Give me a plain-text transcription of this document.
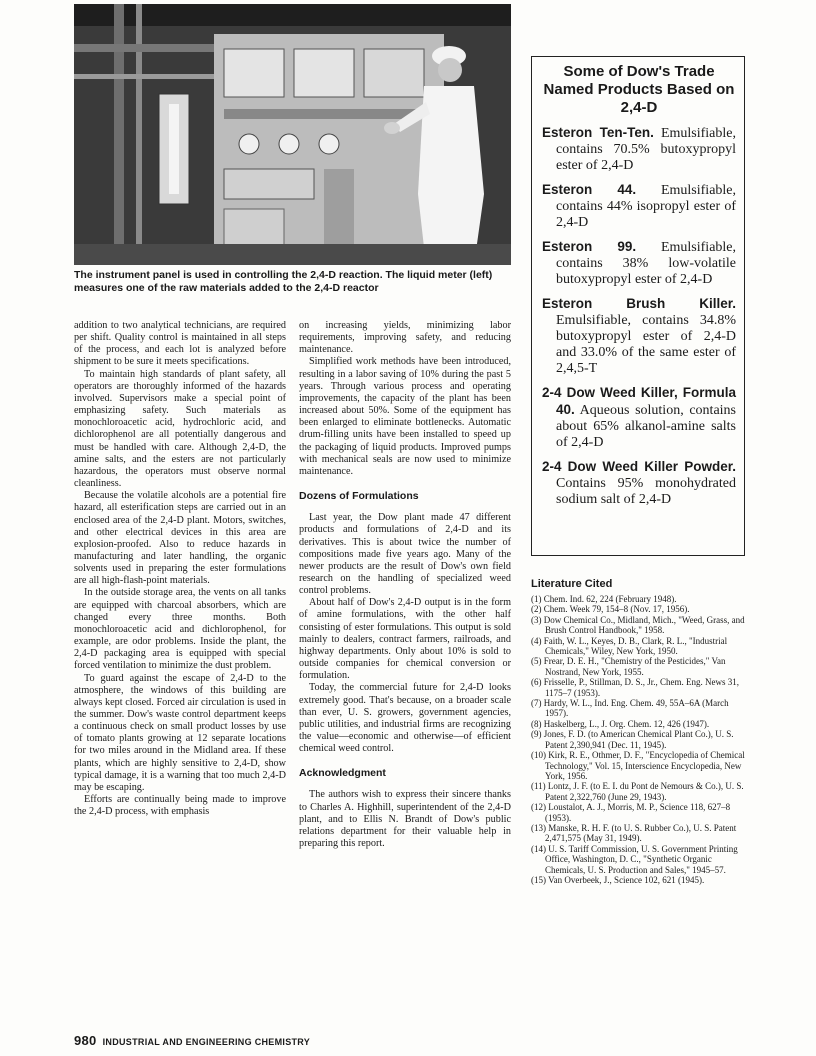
The instrument panel is used in controlling the 2,4-D reaction. The liquid meter (left) measures one of the raw materials added to the 2,4-D reactor

addition to two analytical technicians, are required per shift. Quality control is maintained in all steps of the process, and each lot is analyzed before shipment to be sure it meets specifications.

To maintain high standards of plant safety, all operators are thoroughly informed of the hazards involved. Supervisors make a special point of emphasizing safety. Such materials as monochloroacetic acid, hydrochloric acid, and dichlorophenol are all potentially dangerous and must be handled with care. Although 2,4-D, the amine salts, and the esters are not particularly hazardous, the operators must observe normal cleanliness.

Because the volatile alcohols are a potential fire hazard, all esterification steps are carried out in an enclosed area of the 2,4-D plant. Motors, switches, and other electrical devices in this area are explosion-proofed. Also to reduce hazards in manufacturing and later handling, the organic solvents used in preparing the ester formulations are all high-flash-point materials.

In the outside storage area, the vents on all tanks are equipped with charcoal absorbers, which are changed every three months. Both monochloroacetic acid and dichlorophenol, for example, are odor problems. Inside the plant, the 2,4-D packaging area is equipped with special forced ventilation to minimize the dust problem.

To guard against the escape of 2,4-D to the atmosphere, the windows of this building are always kept closed. Forced air circulation is used in the summer. Dow's waste control department keeps a continuous check on small product losses by use of tomato plants growing at 12 separate locations for two miles around in the Midland area. If these plants, which are highly sensitive to 2,4-D, show typical damage, it is a warning that too much 2,4-D may be escaping.

Efforts are continually being made to improve the 2,4-D process, with emphasis

on increasing yields, minimizing labor requirements, improving safety, and reducing maintenance.

Simplified work methods have been introduced, resulting in a labor saving of 10% during the past 5 years. Through various process and operating improvements, the capacity of the plant has been increased about 50%. Some of the equipment has been enlarged to eliminate bottlenecks. Automatic drum-filling units have been installed to speed up the packaging of liquid products. Improved pumps with mechanical seals are now used to minimize maintenance.

Dozens of Formulations

Last year, the Dow plant made 47 different products and formulations of 2,4-D and its derivatives. This is about twice the number of compositions made five years ago. Many of the newer products are the result of Dow's own field research on the handling of specialized weed control problems.

About half of Dow's 2,4-D output is in the form of amine formulations, with the other half consisting of ester formulations. This output is sold mainly to dealers, contract farmers, railroads, and highway departments. Only about 10% is sold to outside companies for chemical conversion or formulation.

Today, the commercial future for 2,4-D looks extremely good. That's because, on a broader scale than ever, U. S. growers, government agencies, public utilities, and industrial firms are recognizing the value—economic and otherwise—of efficient chemical weed control.

Acknowledgment

The authors wish to express their sincere thanks to Charles A. Highhill, superintendent of the 2,4-D plant, and to Ellis N. Brandt of Dow's public relations department for their valuable help in preparing this report.

Some of Dow's Trade Named Products Based on 2,4-D
Esteron Ten-Ten. Emulsifiable, contains 70.5% butoxypropyl ester of 2,4-D
Esteron 44. Emulsifiable, contains 44% isopropyl ester of 2,4-D
Esteron 99. Emulsifiable, contains 38% low-volatile butoxypropyl ester of 2,4-D
Esteron Brush Killer. Emulsifiable, contains 34.8% butoxypropyl ester of 2,4-D and 33.0% of the same ester of 2,4,5-T
2-4 Dow Weed Killer, Formula 40. Aqueous solution, contains about 65% alkanol-amine salts of 2,4-D
2-4 Dow Weed Killer Powder. Contains 95% monohydrated sodium salt of 2,4-D
Literature Cited
(1) Chem. Ind. 62, 224 (February 1948).
(2) Chem. Week 79, 154–8 (Nov. 17, 1956).
(3) Dow Chemical Co., Midland, Mich., "Weed, Grass, and Brush Control Handbook," 1958.
(4) Faith, W. L., Keyes, D. B., Clark, R. L., "Industrial Chemicals," Wiley, New York, 1950.
(5) Frear, D. E. H., "Chemistry of the Pesticides," Van Nostrand, New York, 1955.
(6) Frisselle, P., Stillman, D. S., Jr., Chem. Eng. News 31, 1175–7 (1953).
(7) Hardy, W. L., Ind. Eng. Chem. 49, 55A–6A (March 1957).
(8) Haskelberg, L., J. Org. Chem. 12, 426 (1947).
(9) Jones, F. D. (to American Chemical Plant Co.), U. S. Patent 2,390,941 (Dec. 11, 1945).
(10) Kirk, R. E., Othmer, D. F., "Encyclopedia of Chemical Technology," Vol. 15, Interscience Encyclopedia, New York, 1956.
(11) Lontz, J. F. (to E. I. du Pont de Nemours & Co.), U. S. Patent 2,322,760 (June 29, 1943).
(12) Loustalot, A. J., Morris, M. P., Science 118, 627–8 (1953).
(13) Manske, R. H. F. (to U. S. Rubber Co.), U. S. Patent 2,471,575 (May 31, 1949).
(14) U. S. Tariff Commission, U. S. Government Printing Office, Washington, D. C., "Synthetic Organic Chemicals, U. S. Production and Sales," 1945–57.
(15) Van Overbeek, J., Science 102, 621 (1945).
980 INDUSTRIAL AND ENGINEERING CHEMISTRY
